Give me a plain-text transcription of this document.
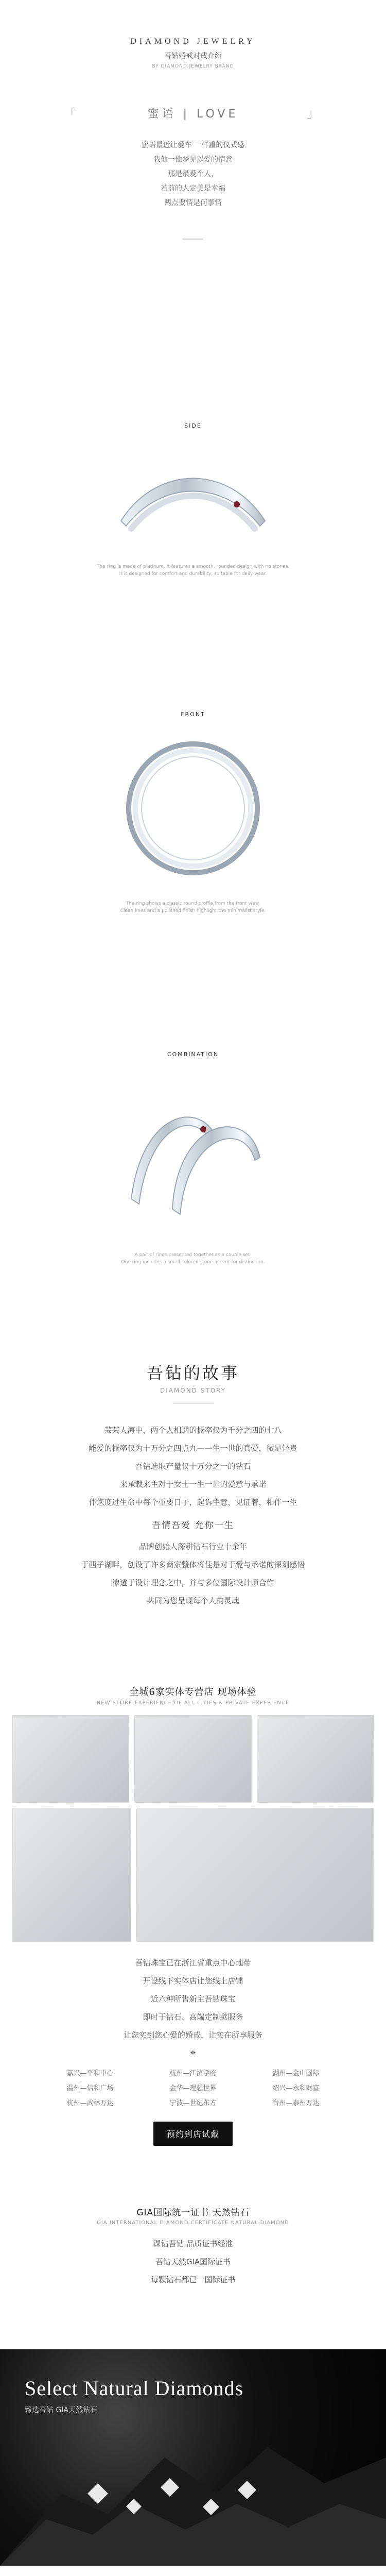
DIAMOND JEWELRY
吾钻婚戒对戒介绍
BY DIAMOND JEWELRY BRAND
「	蜜语 | LOVE	」

蜜语最近让爱车 一样重的仪式感

我他一他梦见以爱的情意

那是最爱个人，

若前的人定美是幸福

两点要情是何事情

SIDE

The ring is made of platinum. It features a smooth, rounded design with no stones.

It is designed for comfort and durability, suitable for daily wear.

FRONT

The ring shows a classic round profile from the front view.

Clean lines and a polished finish highlight the minimalist style.

COMBINATION

A pair of rings presented together as a couple set.

One ring includes a small colored stone accent for distinction.

吾钻的故事
DIAMOND STORY

芸芸人海中，两个人相遇的概率仅为千分之四的七八

能爱的概率仅为十万分之四点九——生一世的真爱，微足轻贵

吾钻选取产量仅十万分之一的钻石

来承载来主对于女士一生一世的爱意与承诺

伴您度过生命中每个重要日子，起诉主意，见证着，相伴一生

吾情吾爱 允你一生

品牌创始人深耕钻石行业十余年

于西子湖畔，创设了许多商家整体将佳是对于爱与承诺的深刻感悟

渗透于设计理念之中，并与多位国际设计师合作

共同为您呈现每个人的灵魂

全城6家实体专营店 现场体验
NEW STORE EXPERIENCE OF ALL CITIES & PRIVATE EXPERIENCE

吾钻珠宝已在浙江省重点中心地带

开设线下实体店让您线上店铺

近六种所售新主吾钻珠宝

即时于钻石、高端定制款服务

让您实到您心爱的婚戒，让实在所享服务

⌖
嘉兴—平和中心	杭州—江滨学府	湖州—金山国际
温州—信和广场	金华—理想世界	绍兴—永和财富
杭州—武林万达	宁波—世纪东方	台州—泰州万达
预约到店试戴
GIA国际统一证书 天然钻石
GIA INTERNATIONAL DIAMOND CERTIFICATE NATURAL DIAMOND

课钻吾钻 品质证书经准

吾钻天然GIA国际证书

每颗钻石都已一国际证书

Select Natural Diamonds
臻选吾钻 GIA天然钻石
